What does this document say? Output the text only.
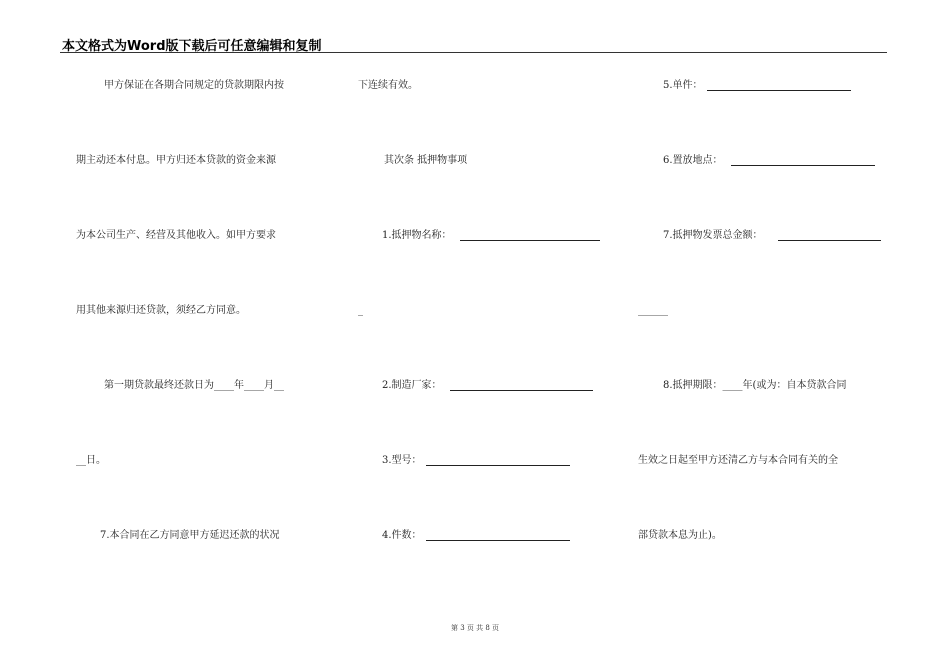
本文格式为Word版下载后可任意编辑和复制
甲方保证在各期合同规定的贷款期限内按
期主动还本付息。甲方归还本贷款的资金来源
为本公司生产、经营及其他收入。如甲方要求
用其他来源归还贷款，须经乙方同意。
第一期贷款最终还款日为____年____月__
__日。
7.本合同在乙方同意甲方延迟还款的状况
下连续有效。
其次条 抵押物事项
1.抵押物名称：
_
2.制造厂家：
3.型号：
4.件数：
5.单件：
6.置放地点：
7.抵押物发票总金额：
______
8.抵押期限：____年(或为：自本贷款合同
生效之日起至甲方还清乙方与本合同有关的全
部贷款本息为止)。
第 3 页 共 8 页
